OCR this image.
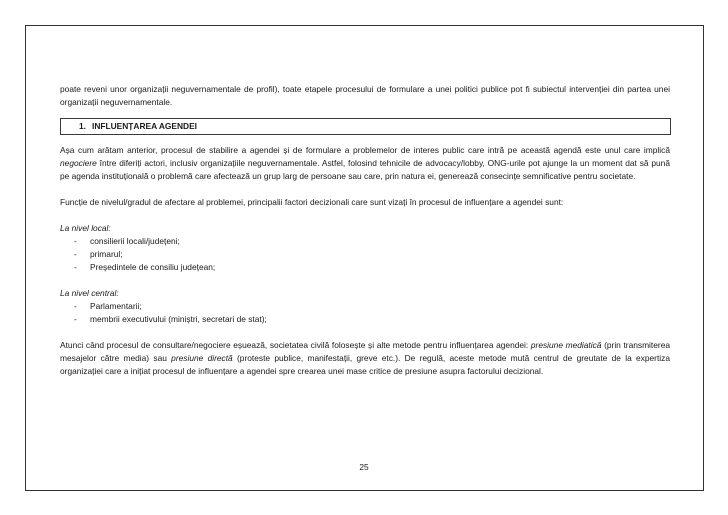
poate reveni unor organizații neguvernamentale de profil), toate etapele procesului de formulare a unei politici publice pot fi subiectul intervenției din partea unei organizații neguvernamentale.

1. INFLUENȚAREA AGENDEI

Așa cum arătam anterior, procesul de stabilire a agendei și de formulare a problemelor de interes public care intră pe această agendă este unul care implică negociere între diferiți actori, inclusiv organizațiile neguvernamentale. Astfel, folosind tehnicile de advocacy/lobby, ONG-urile pot ajunge la un moment dat să pună pe agenda instituțională o problemă care afectează un grup larg de persoane sau care, prin natura ei, generează consecințe semnificative pentru societate.

Funcție de nivelul/gradul de afectare al problemei, principalii factori decizionali care sunt vizați în procesul de influențare a agendei sunt:

La nivel local:

- consilierii locali/județeni;
- primarul;
- Președintele de consiliu județean;

La nivel central:

- Parlamentarii;
- membrii executivului (miniștri, secretari de stat);

Atunci când procesul de consultare/negociere eșuează, societatea civilă folosește și alte metode pentru influențarea agendei: presiune mediatică (prin transmiterea mesajelor către media) sau presiune directă (proteste publice, manifestații, greve etc.). De regulă, aceste metode mută centrul de greutate de la expertiza organizației care a inițiat procesul de influențare a agendei spre crearea unei mase critice de presiune asupra factorului decizional.

25
